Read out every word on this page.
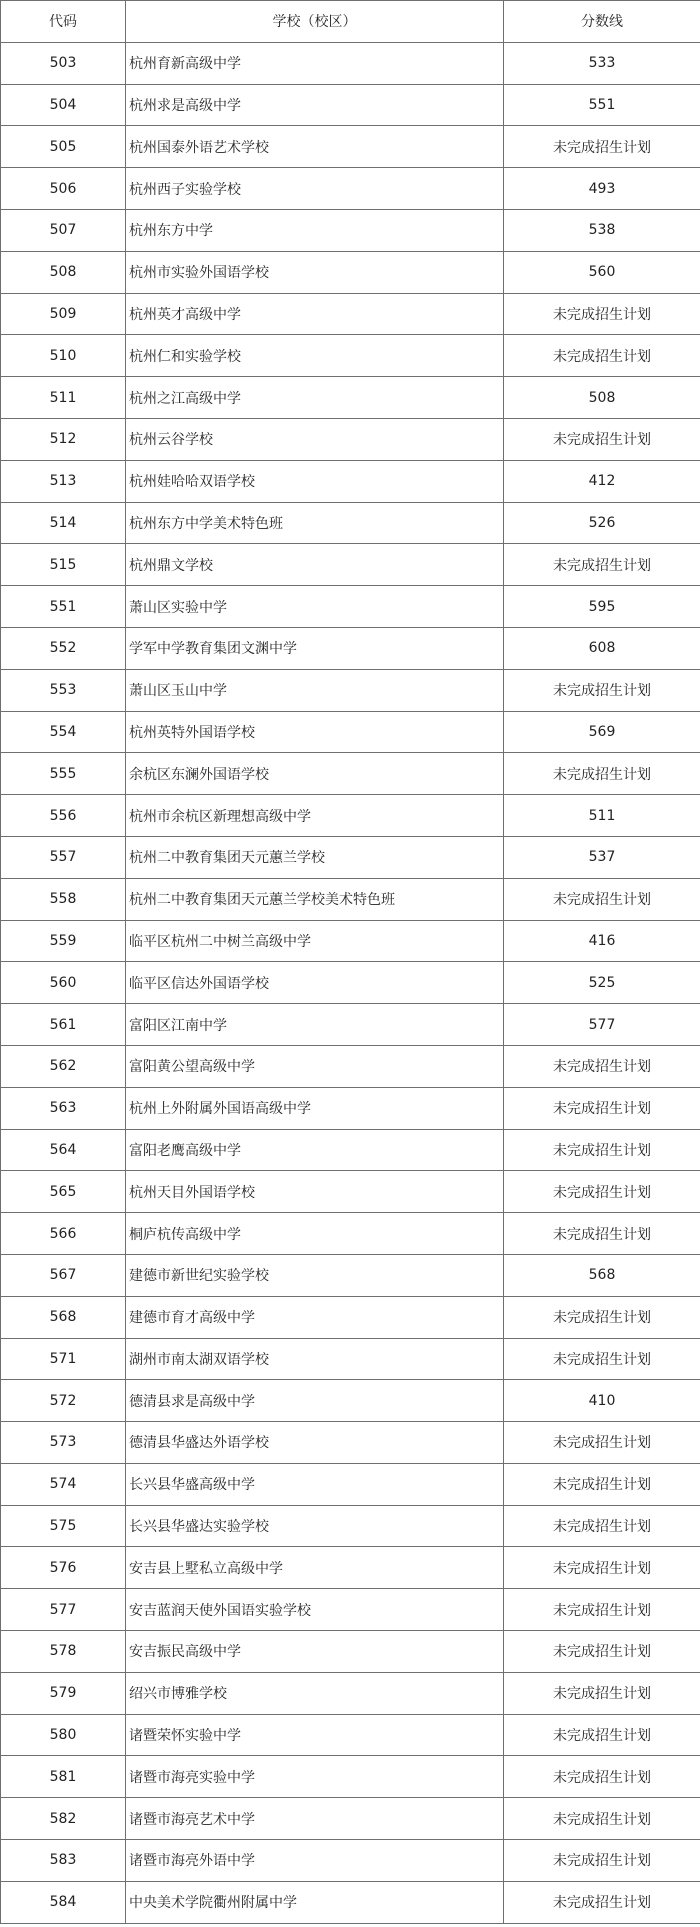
代码	学校（校区）	分数线
503	杭州育新高级中学	533
504	杭州求是高级中学	551
505	杭州国泰外语艺术学校	未完成招生计划
506	杭州西子实验学校	493
507	杭州东方中学	538
508	杭州市实验外国语学校	560
509	杭州英才高级中学	未完成招生计划
510	杭州仁和实验学校	未完成招生计划
511	杭州之江高级中学	508
512	杭州云谷学校	未完成招生计划
513	杭州娃哈哈双语学校	412
514	杭州东方中学美术特色班	526
515	杭州鼎文学校	未完成招生计划
551	萧山区实验中学	595
552	学军中学教育集团文渊中学	608
553	萧山区玉山中学	未完成招生计划
554	杭州英特外国语学校	569
555	余杭区东澜外国语学校	未完成招生计划
556	杭州市余杭区新理想高级中学	511
557	杭州二中教育集团天元蕙兰学校	537
558	杭州二中教育集团天元蕙兰学校美术特色班	未完成招生计划
559	临平区杭州二中树兰高级中学	416
560	临平区信达外国语学校	525
561	富阳区江南中学	577
562	富阳黄公望高级中学	未完成招生计划
563	杭州上外附属外国语高级中学	未完成招生计划
564	富阳老鹰高级中学	未完成招生计划
565	杭州天目外国语学校	未完成招生计划
566	桐庐杭传高级中学	未完成招生计划
567	建德市新世纪实验学校	568
568	建德市育才高级中学	未完成招生计划
571	湖州市南太湖双语学校	未完成招生计划
572	德清县求是高级中学	410
573	德清县华盛达外语学校	未完成招生计划
574	长兴县华盛高级中学	未完成招生计划
575	长兴县华盛达实验学校	未完成招生计划
576	安吉县上墅私立高级中学	未完成招生计划
577	安吉蓝润天使外国语实验学校	未完成招生计划
578	安吉振民高级中学	未完成招生计划
579	绍兴市博雅学校	未完成招生计划
580	诸暨荣怀实验中学	未完成招生计划
581	诸暨市海亮实验中学	未完成招生计划
582	诸暨市海亮艺术中学	未完成招生计划
583	诸暨市海亮外语中学	未完成招生计划
584	中央美术学院衢州附属中学	未完成招生计划
